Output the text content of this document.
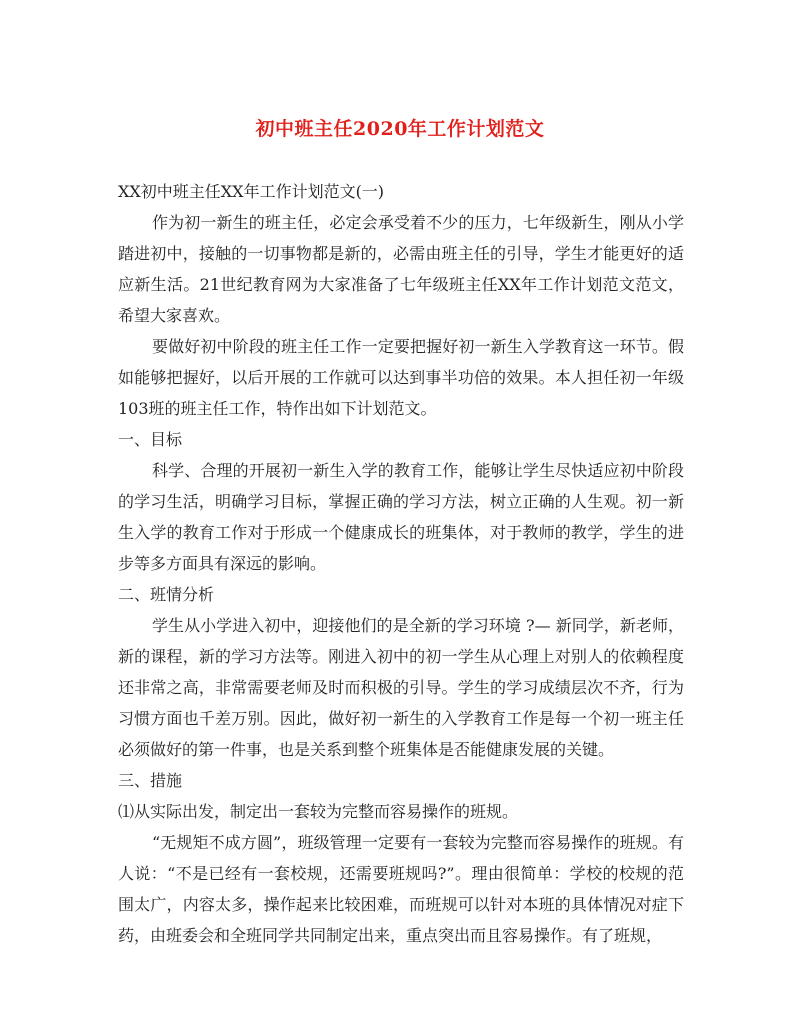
初中班主任2020年工作计划范文

XX初中班主任XX年工作计划范文(一)

作为初一新生的班主任，必定会承受着不少的压力，七年级新生，刚从小学踏进初中，接触的一切事物都是新的，必需由班主任的引导，学生才能更好的适应新生活。21世纪教育网为大家准备了七年级班主任XX年工作计划范文范文，希望大家喜欢。

要做好初中阶段的班主任工作一定要把握好初一新生入学教育这一环节。假如能够把握好，以后开展的工作就可以达到事半功倍的效果。本人担任初一年级103班的班主任工作，特作出如下计划范文。

一、目标

科学、合理的开展初一新生入学的教育工作，能够让学生尽快适应初中阶段的学习生活，明确学习目标，掌握正确的学习方法，树立正确的人生观。初一新生入学的教育工作对于形成一个健康成长的班集体，对于教师的教学，学生的进步等多方面具有深远的影响。

二、班情分析

学生从小学进入初中，迎接他们的是全新的学习环境 ?— 新同学，新老师，新的课程，新的学习方法等。刚进入初中的初一学生从心理上对别人的依赖程度还非常之高，非常需要老师及时而积极的引导。学生的学习成绩层次不齐，行为习惯方面也千差万别。因此，做好初一新生的入学教育工作是每一个初一班主任必须做好的第一件事，也是关系到整个班集体是否能健康发展的关键。

三、措施

⑴从实际出发，制定出一套较为完整而容易操作的班规。

“无规矩不成方圆”，班级管理一定要有一套较为完整而容易操作的班规。有人说：“不是已经有一套校规，还需要班规吗?”。理由很简单：学校的校规的范围太广，内容太多，操作起来比较困难，而班规可以针对本班的具体情况对症下药，由班委会和全班同学共同制定出来，重点突出而且容易操作。有了班规，
